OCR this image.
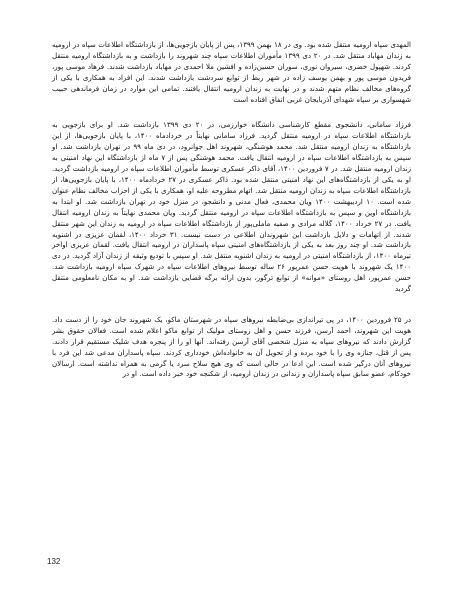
المهدی سپاه ارومیه منتقل شده بود. وی در ۱۸ بهمن ۱۳۹۹، پس از پایان بازجویی‌ها، از بازداشتگاه اطلاعات سپاه در ارومیه به زندان مهاباد منتقل شد. در ۲۰ دی ۱۳۹۹ مأموران اطلاعات سپاه چند شهروند را بازداشت و به بازداشتگاه ارومیه منتقل کردند. شهپول خضری، سیروان نوری، سوران حسین‌زاده و افشین ملا احمدی در مهاباد بازداشت شدند. فرهاد موسی پور، فریدون موسی پور و بهمن یوسف زاده در شهر ربط از توابع سردشت بازداشت شدند. این افراد به همکاری با یکی از گروه‌های مخالف نظام متهم شدند و در نهایت به زندان ارومیه انتقال یافتند. تمامی این موارد در زمان فرماندهی حبیب شهسواری بر سپاه شهدای آذربایجان غربی اتفاق افتاده است

فرزاد سامانی، دانشجوی مقطع کارشناسی دانشگاه خوارزمی، در ۲۰ دی ۱۳۹۹ بازداشت شد. او برای بازجویی به بازداشتگاه اطلاعات سپاه در ارومیه منتقل گردید. فرزاد سامانی نهایتاً در خردادماه ۱۴۰۰، با پایان بازجویی‌ها، از این بازداشتگاه به زندان ارومیه منتقل شد. محمد هوشنگی، شهروند اهل جوانرود، در دی ماه ۹۹ در تهران بازداشت شد. او سپس به بازداشتگاه اطلاعات سپاه در ارومیه انتقال یافت. محمد هوشنگی پس از ۷ ماه از بازداشتگاه این نهاد امنیتی به زندان ارومیه منتقل شد. در ۷ فروردین ۱۴۰۰، آقای ذاکر عسکری توسط مأموران اطلاعات سپاه در ارومیه بازداشت گردید. او به یکی از بازداشتگاه‌های این نهاد امنیتی منتقل شده بود. ذاکر عسکری در ۲۷ خردادماه ۱۴۰۰، با پایان بازجویی‌ها، از بازداشتگاه اطلاعات سپاه به زندان ارومیه منتقل شد. اتهام مطروحه علیه او، همکاری با یکی از احزاب مخالف نظام عنوان شده است. ۱۰ اردیبهشت ۱۴۰۰ ویان محمدی، فعال مدنی و دانشجو، در منزل خود در تهران بازداشت شد. او ابتدا به بازداشتگاه اوین و سپس به بازداشتگاه اطلاعات سپاه در ارومیه منتقل گردید. ویان محمدی نهایتاً به زندان ارومیه انتقال یافت. در ۲۷ خرداد ۱۴۰۰، گلاله مرادی و صفیه ماملی‌پور از بازداشتگاه اطلاعات سپاه در ارومیه به زندان این شهر منتقل شدند. از اتهامات و دلایل بازداشت این شهروندان اطلاعی در دست نیست. ۳۱ خرداد ۱۴۰۰، لقمان عزیزی در اشنویه بازداشت شد. او چند روز بعد به یکی از بازداشتگاه‌های امنیتی سپاه پاسداران در ارومیه انتقال یافت. لقمان عزیزی اواخر تیرماه ۱۴۰۰، از بازداشتگاه امنیتی در ارومیه به زندان اشنویه منتقل شد. او سپس با تودیع وثیقه از زندان آزاد گردید. در دی ۱۴۰۰ یک شهروند با هویت حسن عمرپور ۲۶ ساله توسط نیروهای اطلاعات سپاه در شهرک سپاه ارومیه بازداشت شد. حسن عمرپور، اهل روستای «موانه» از توابع ترگور، بدون ارائه برگه قضایی بازداشت شد. او به مکان نامعلومی منتقل گردید

در ۲۵ فروردین ۱۴۰۰، در پی تیراندازی بی‌ضابطه نیروهای سپاه در شهرستان ماکو، یک شهروند جان خود را از دست داد. هویت این شهروند، احمد آرسن، فرزند حسن و اهل روستای مولیک از توابع ماکو اعلام شده است. فعالان حقوق بشر گزارش دادند که نیروهای سپاه به منزل شخصی آقای آرسن رفته‌اند. آنها او را از پنجره هدف شلیک مستقیم قرار دادند. پس از قتل، جنازه وی را با خود برده و از تحویل آن به خانواده‌اش خودداری کردند. سپاه پاسداران مدعی شد این فرد با نیروهای آنان درگیر شده است. این ادعا در حالی است که وی هیچ سلاح سرد یا گرمی به همراه نداشته است. ارسالان خودکام، عضو سابق سپاه پاسداران و زندانی در زندان ارومیه، از شکنجه خود خبر داده است. او در

132
